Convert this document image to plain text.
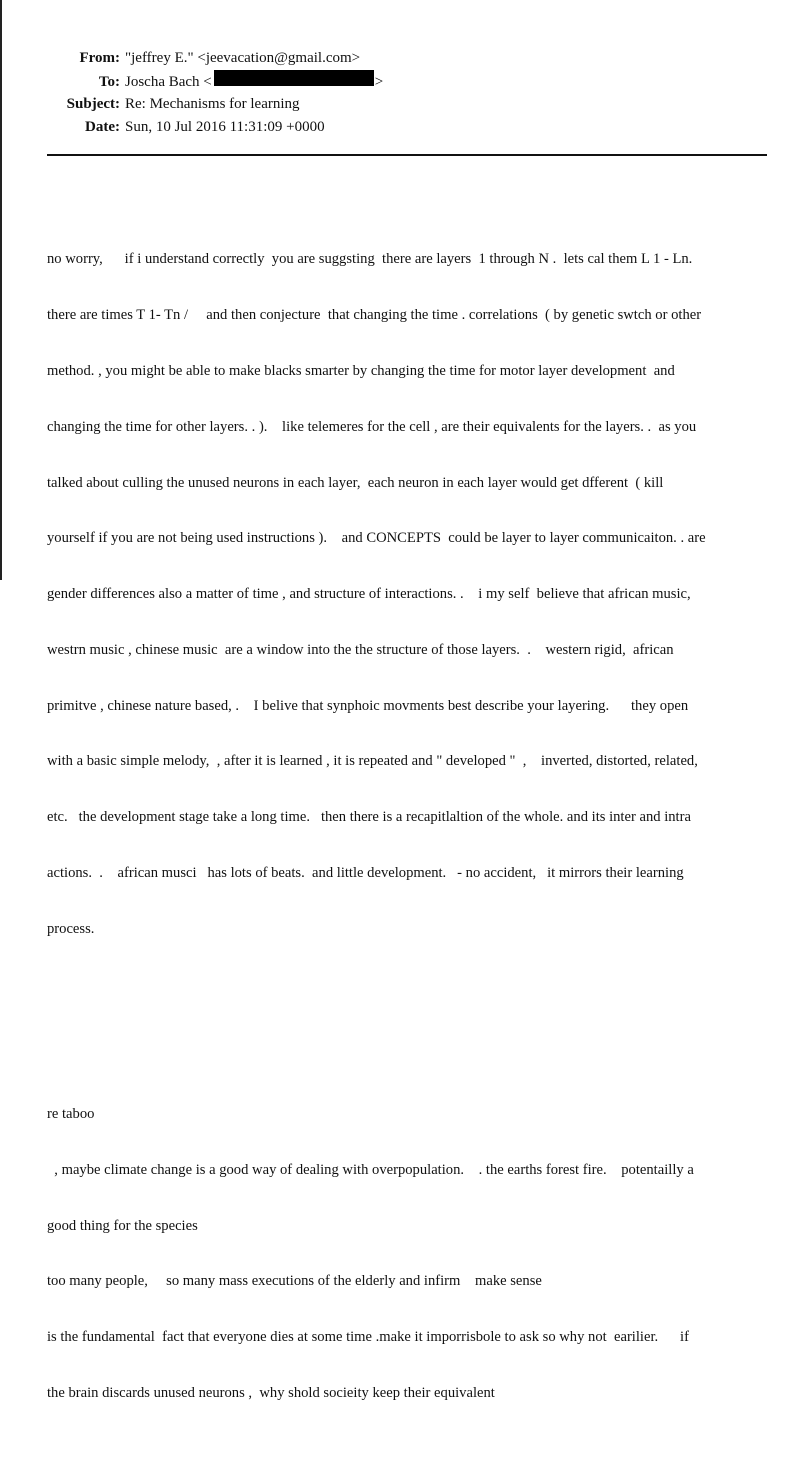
From: "jeffrey E." <jeevacation@gmail.com>
To: Joscha Bach <	>
Subject: Re: Mechanisms for learning
Date: Sun, 10 Jul 2016 11:31:09 +0000

no worry,      if i understand correctly  you are suggsting  there are layers  1 through N .  lets cal them L 1 - Ln.

there are times T 1- Tn /     and then conjecture  that changing the time . correlations  ( by genetic swtch or other

method. , you might be able to make blacks smarter by changing the time for motor layer development  and

changing the time for other layers. . ).    like telemeres for the cell , are their equivalents for the layers. .  as you

talked about culling the unused neurons in each layer,  each neuron in each layer would get dfferent  ( kill

yourself if you are not being used instructions ).    and CONCEPTS  could be layer to layer communicaiton. . are

gender differences also a matter of time , and structure of interactions. .    i my self  believe that african music,

westrn music , chinese music  are a window into the the structure of those layers.  .    western rigid,  african

primitve , chinese nature based, .    I belive that synphoic movments best describe your layering.      they open

with a basic simple melody,  , after it is learned , it is repeated and " developed "  ,    inverted, distorted, related,

etc.   the development stage take a long time.   then there is a recapitlaltion of the whole. and its inter and intra

actions.  .    african musci   has lots of beats.  and little development.   - no accident,   it mirrors their learning

process.

re taboo

, maybe climate change is a good way of dealing with overpopulation.    . the earths forest fire.    potentailly a

good thing for the species

too many people,     so many mass executions of the elderly and infirm    make sense

is the fundamental  fact that everyone dies at some time .make it imporrisbole to ask so why not  earilier.      if

the brain discards unused neurons ,  why shold socieity keep their equivalent
